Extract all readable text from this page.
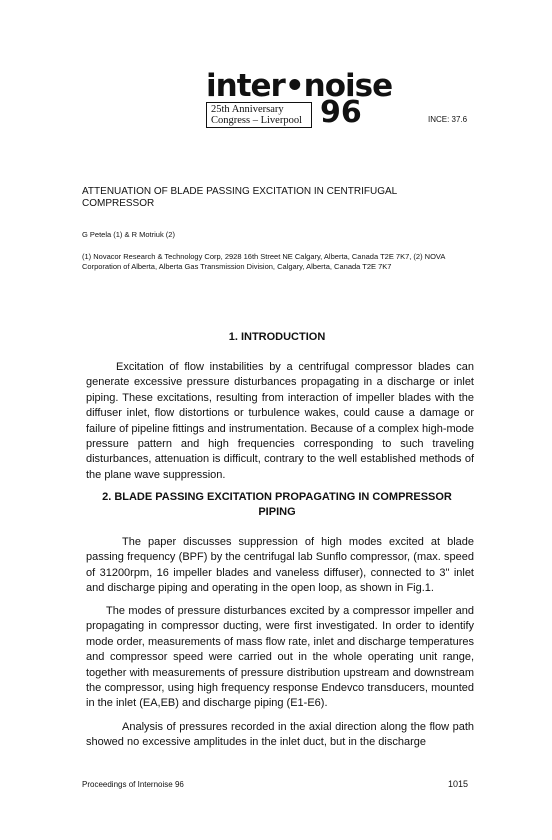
inter•noise
25th Anniversary
Congress – Liverpool 96	INCE: 37.6
ATTENUATION OF BLADE PASSING EXCITATION IN CENTRIFUGAL COMPRESSOR
G Petela (1) & R Motriuk (2)
(1) Novacor Research & Technology Corp, 2928 16th Street NE Calgary, Alberta, Canada T2E 7K7, (2) NOVA Corporation of Alberta, Alberta Gas Transmission Division, Calgary, Alberta, Canada T2E 7K7
1. INTRODUCTION

Excitation of flow instabilities by a centrifugal compressor blades can generate excessive pressure disturbances propagating in a discharge or inlet piping. These excitations, resulting from interaction of impeller blades with the diffuser inlet, flow distortions or turbulence wakes, could cause a damage or failure of pipeline fittings and instrumentation. Because of a complex high-mode pressure pattern and high frequencies corresponding to such traveling disturbances, attenuation is difficult, contrary to the well established methods of the plane wave suppression.

2. BLADE PASSING EXCITATION PROPAGATING IN COMPRESSOR PIPING

The paper discusses suppression of high modes excited at blade passing frequency (BPF) by the centrifugal lab Sunflo compressor, (max. speed of 31200rpm, 16 impeller blades and vaneless diffuser), connected to 3" inlet and discharge piping and operating in the open loop, as shown in Fig.1.

The modes of pressure disturbances excited by a compressor impeller and propagating in compressor ducting, were first investigated. In order to identify mode order, measurements of mass flow rate, inlet and discharge temperatures and compressor speed were carried out in the whole operating unit range, together with measurements of pressure distribution upstream and downstream the compressor, using high frequency response Endevco transducers, mounted in the inlet (EA,EB) and discharge piping (E1-E6).

Analysis of pressures recorded in the axial direction along the flow path showed no excessive amplitudes in the inlet duct, but in the discharge

Proceedings of Internoise 96	1015
